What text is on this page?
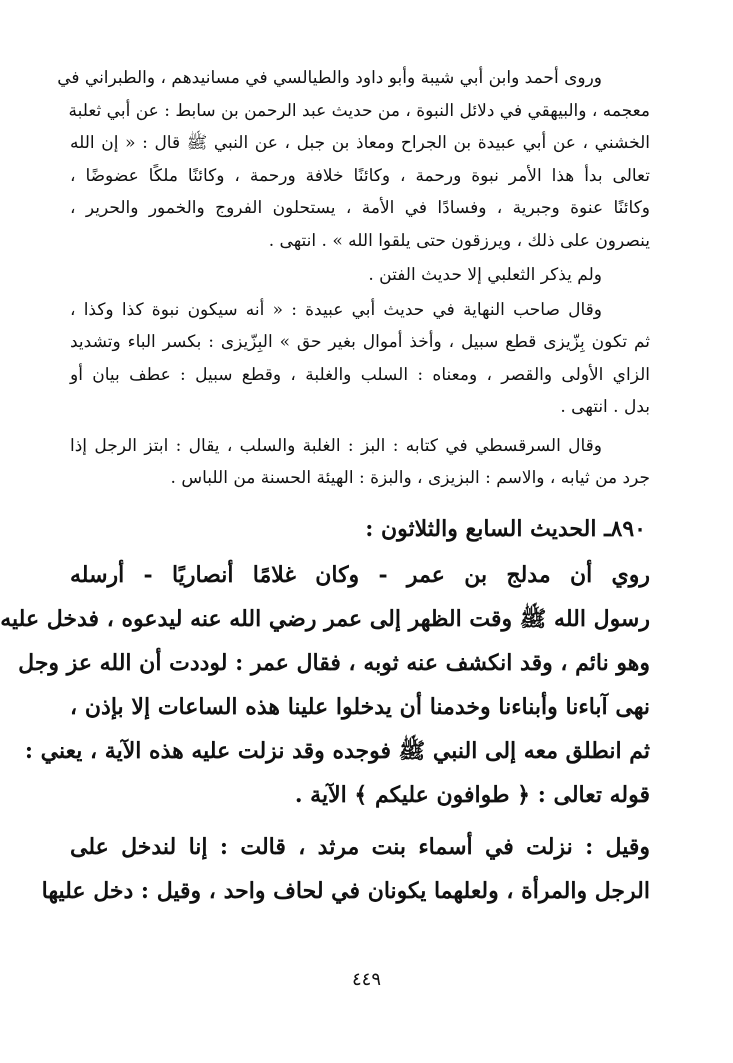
وروى أحمد وابن أبي شيبة وأبو داود والطيالسي في مسانيدهم ، والطبراني في
معجمه ، والبيهقي في دلائل النبوة ، من حديث عبد الرحمن بن سابط : عن أبي ثعلبة
الخشني ، عن أبي عبيدة بن الجراح ومعاذ بن جبل ، عن النبي ﷺ قال : « إن الله
تعالى بدأ هذا الأمر نبوة ورحمة ، وكائنًا خلافة ورحمة ، وكائنًا ملكًا عضوضًا ،
وكائنًا عنوة وجبرية ، وفسادًا في الأمة ، يستحلون الفروج والخمور والحرير ،
ينصرون على ذلك ، ويرزقون حتى يلقوا الله » . انتهى .
ولم يذكر الثعلبي إلا حديث الفتن .
وقال صاحب النهاية في حديث أبي عبيدة : « أنه سيكون نبوة كذا وكذا ،
ثم تكون بِزّيزى قطع سبيل ، وأخذ أموال بغير حق » البِزّيزى : بكسر الباء وتشديد
الزاي الأولى والقصر ، ومعناه : السلب والغلبة ، وقطع سبيل : عطف بيان أو
بدل . انتهى .
وقال السرقسطي في كتابه : البز : الغلبة والسلب ، يقال : ابتز الرجل إذا
جرد من ثيابه ، والاسم : البزيزى ، والبزة : الهيئة الحسنة من اللباس .
٨٩٠ـ الحديث السابع والثلاثون :
روي أن مدلج بن عمر - وكان غلامًا أنصاريًا - أرسله
رسول الله ﷺ وقت الظهر إلى عمر رضي الله عنه ليدعوه ، فدخل عليه
وهو نائم ، وقد انكشف عنه ثوبه ، فقال عمر : لوددت أن الله عز وجل
نهى آباءنا وأبناءنا وخدمنا أن يدخلوا علينا هذه الساعات إلا بإذن ،
ثم انطلق معه إلى النبي ﷺ فوجده وقد نزلت عليه هذه الآية ، يعني :
قوله تعالى : ﴿ طوافون عليكم ﴾ الآية .
وقيل : نزلت في أسماء بنت مرثد ، قالت : إنا لندخل على
الرجل والمرأة ، ولعلهما يكونان في لحاف واحد ، وقيل : دخل عليها
٤٤٩
